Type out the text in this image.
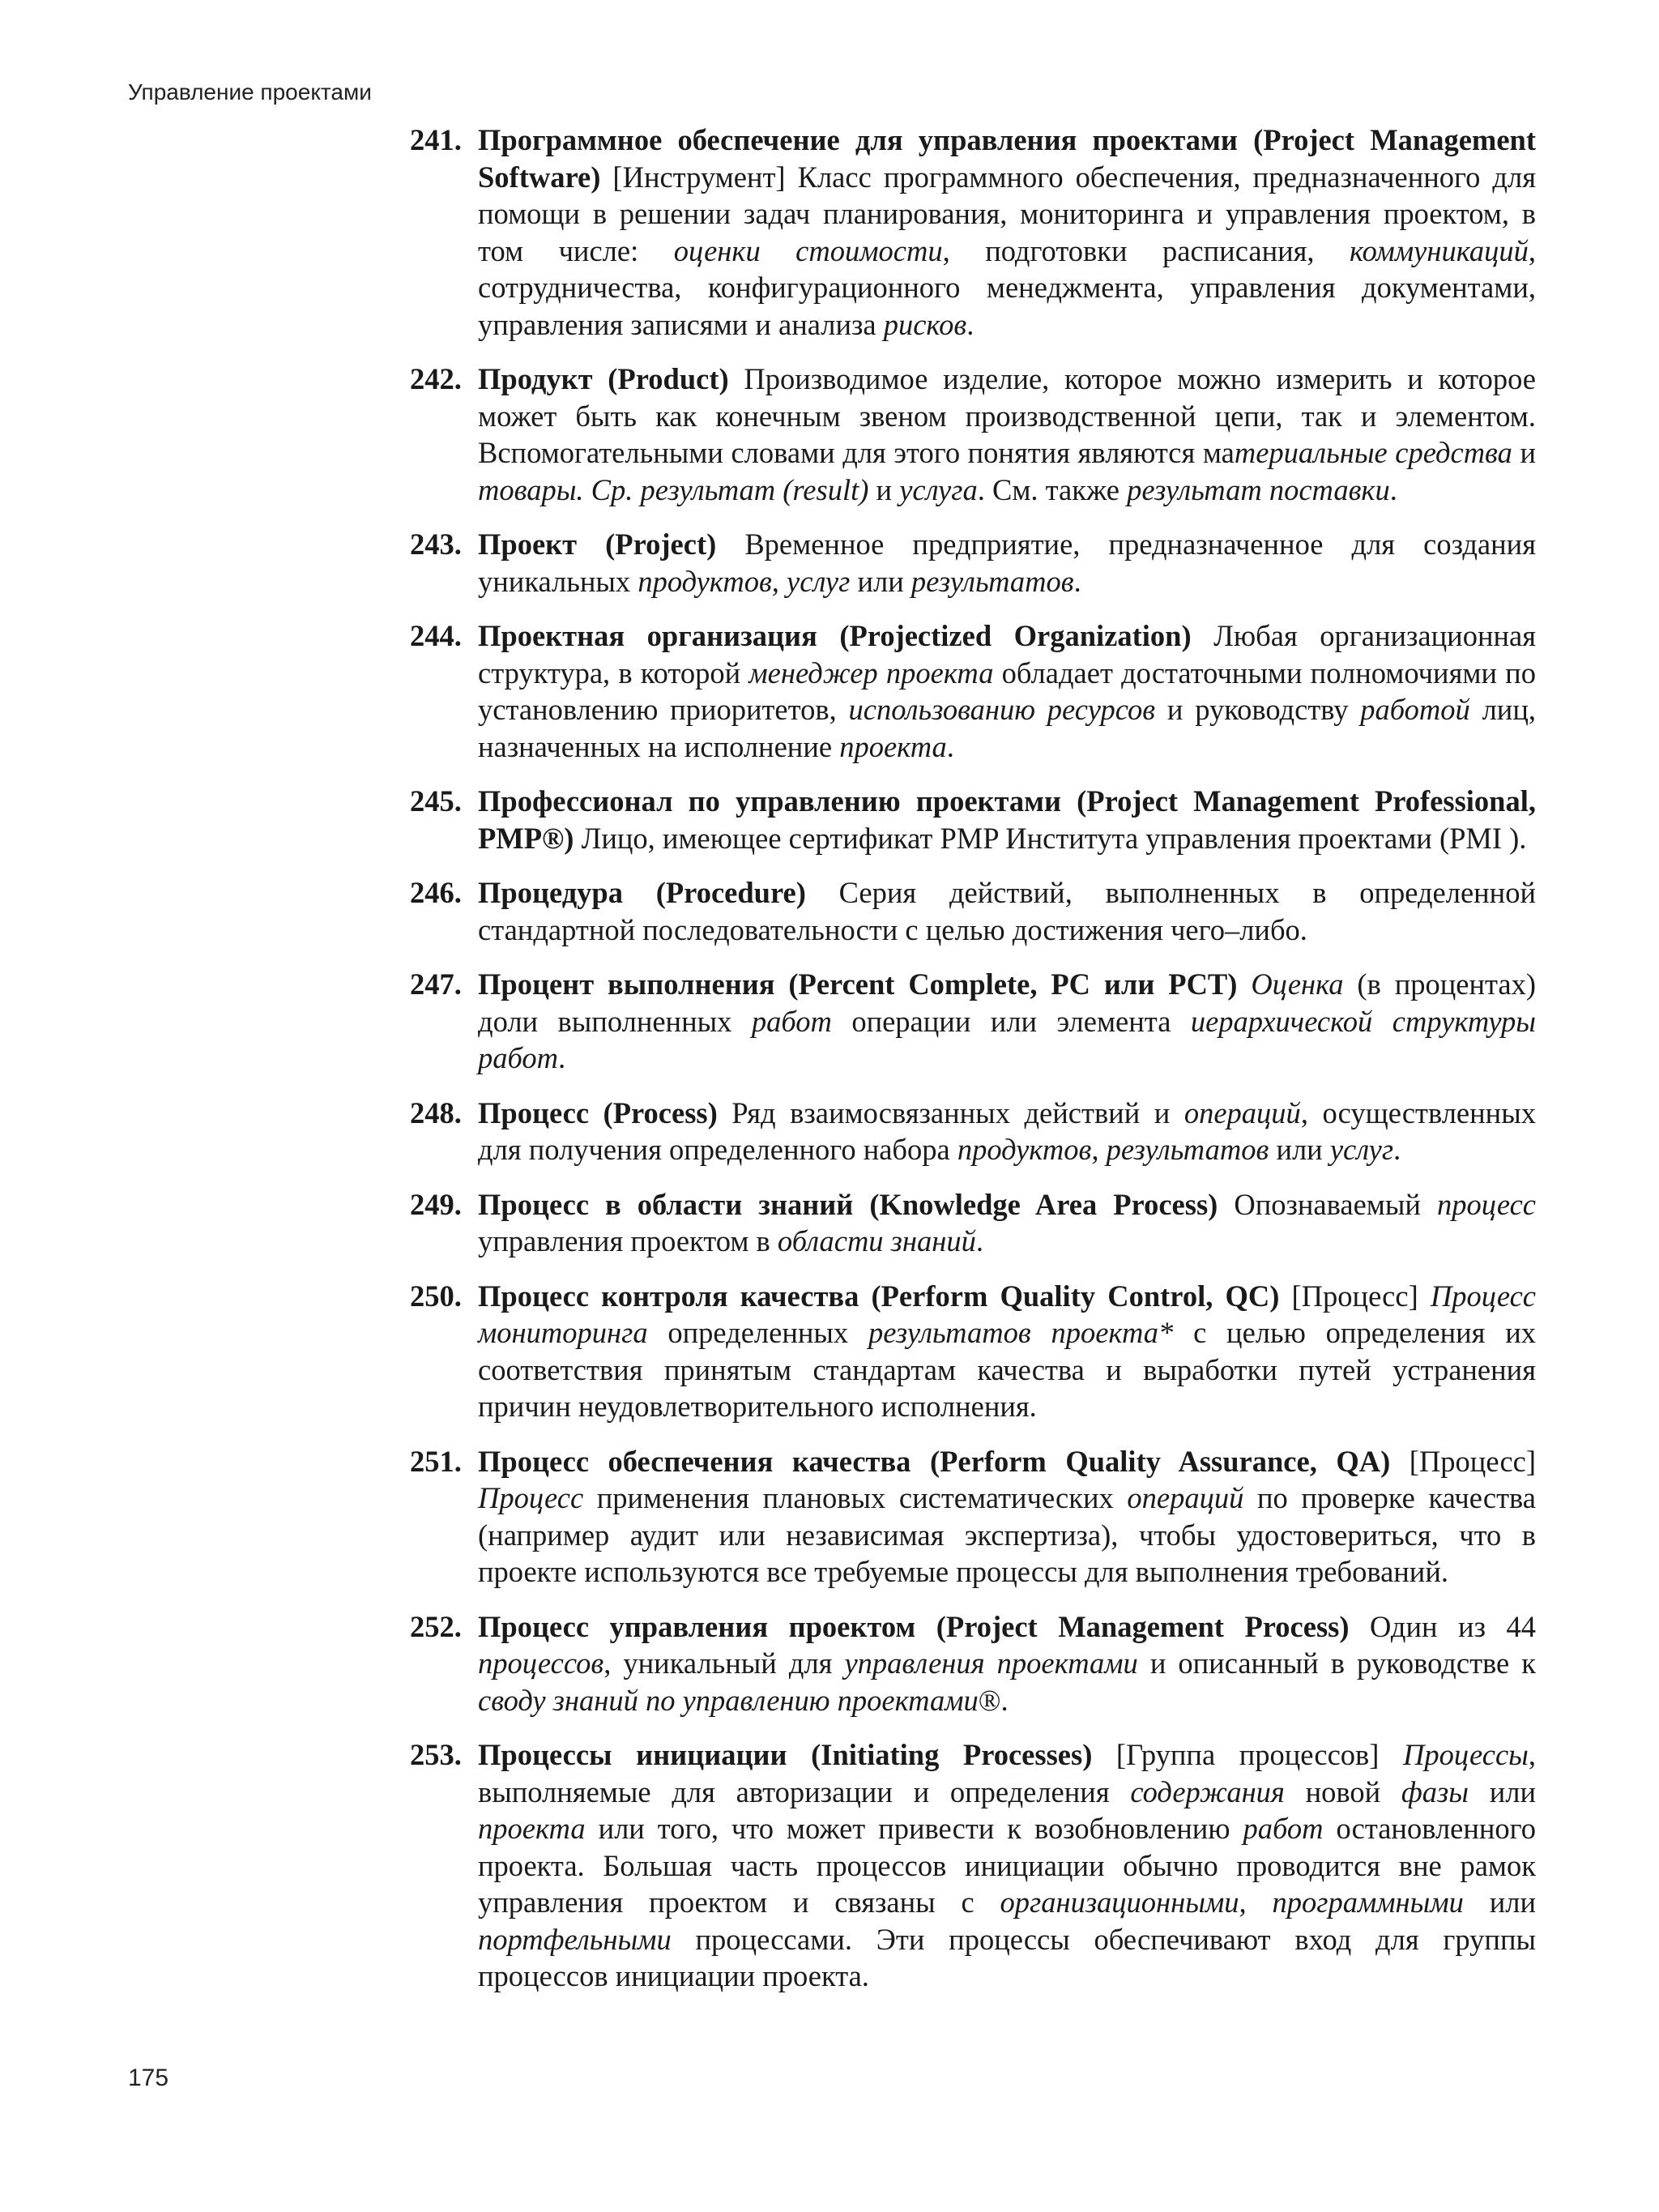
Управление проектами
241. Программное обеспечение для управления проектами (Project Management Software) [Инструмент] Класс программного обеспечения, предназначенного для помощи в решении задач планирования, мониторинга и управления проектом, в том числе: оценки стоимости, подготовки расписания, коммуникаций, сотрудничества, конфигурационного менеджмента, управления документами, управления записями и анализа рисков.
242. Продукт (Product) Производимое изделие, которое можно измерить и которое может быть как конечным звеном производственной цепи, так и элементом. Вспомогательными словами для этого понятия являются материальные средства и товары. Ср. результат (result) и услуга. См. также результат поставки.
243. Проект (Project) Временное предприятие, предназначенное для создания уникальных продуктов, услуг или результатов.
244. Проектная организация (Projectized Organization) Любая организационная структура, в которой менеджер проекта обладает достаточными полномочиями по установлению приоритетов, использованию ресурсов и руководству работой лиц, назначенных на исполнение проекта.
245. Профессионал по управлению проектами (Project Management Professional, PMP®) Лицо, имеющее сертификат PMP Института управления проектами (PMI ).
246. Процедура (Procedure) Серия действий, выполненных в определенной стандартной последовательности с целью достижения чего–либо.
247. Процент выполнения (Percent Complete, PC или PCT) Оценка (в процентах) доли выполненных работ операции или элемента иерархической структуры работ.
248. Процесс (Process) Ряд взаимосвязанных действий и операций, осуществленных для получения определенного набора продуктов, результатов или услуг.
249. Процесс в области знаний (Knowledge Area Process) Опознаваемый процесс управления проектом в области знаний.
250. Процесс контроля качества (Perform Quality Control, QC) [Процесс] Процесс мониторинга определенных результатов проекта* с целью определения их соответствия принятым стандартам качества и выработки путей устранения причин неудовлетворительного исполнения.
251. Процесс обеспечения качества (Perform Quality Assurance, QA) [Процесс] Процесс применения плановых систематических операций по проверке качества (например аудит или независимая экспертиза), чтобы удостовериться, что в проекте используются все требуемые процессы для выполнения требований.
252. Процесс управления проектом (Project Management Process) Один из 44 процессов, уникальный для управления проектами и описанный в руководстве к своду знаний по управлению проектами®.
253. Процессы инициации (Initiating Processes) [Группа процессов] Процессы, выполняемые для авторизации и определения содержания новой фазы или проекта или того, что может привести к возобновлению работ остановленного проекта. Большая часть процессов инициации обычно проводится вне рамок управления проектом и связаны с организационными, программными или портфельными процессами. Эти процессы обеспечивают вход для группы процессов инициации проекта.
175
